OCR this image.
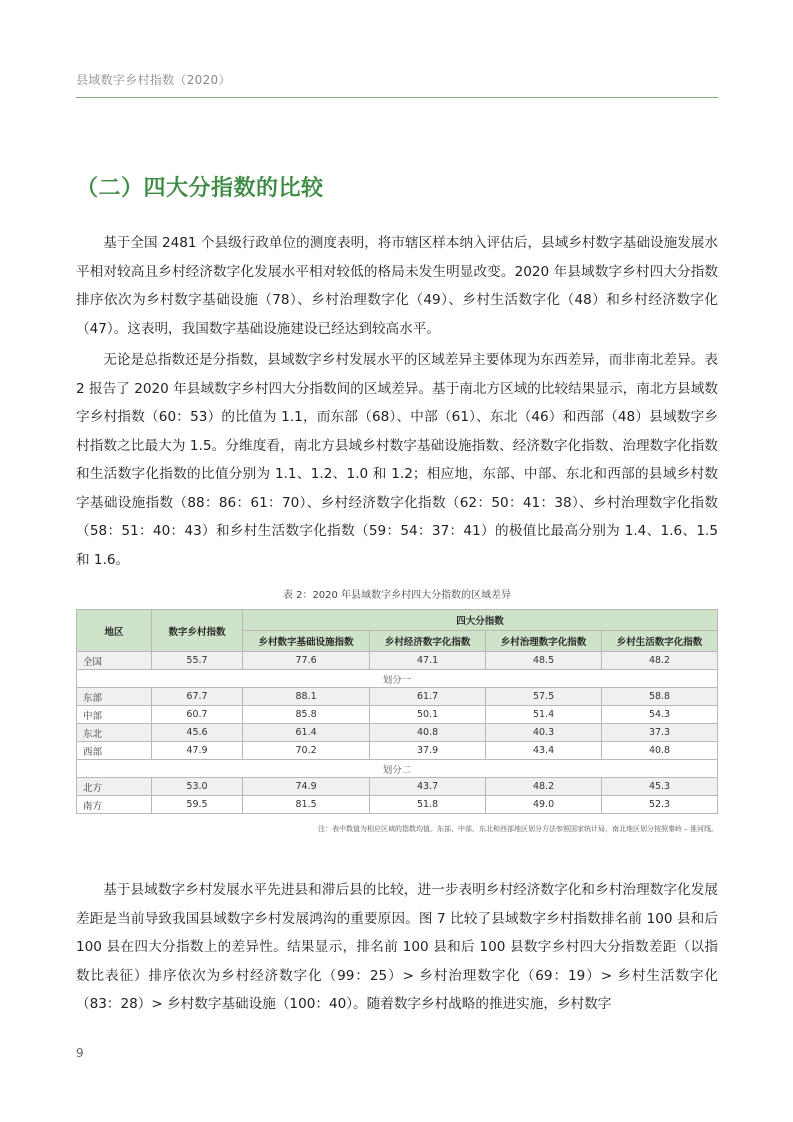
县域数字乡村指数（2020）
（二）四大分指数的比较
基于全国 2481 个县级行政单位的测度表明，将市辖区样本纳入评估后，县域乡村数字基础设施发展水平相对较高且乡村经济数字化发展水平相对较低的格局未发生明显改变。2020 年县域数字乡村四大分指数排序依次为乡村数字基础设施（78）、乡村治理数字化（49）、乡村生活数字化（48）和乡村经济数字化（47）。这表明，我国数字基础设施建设已经达到较高水平。
无论是总指数还是分指数，县域数字乡村发展水平的区域差异主要体现为东西差异，而非南北差异。表 2 报告了 2020 年县域数字乡村四大分指数间的区域差异。基于南北方区域的比较结果显示，南北方县域数字乡村指数（60：53）的比值为 1.1，而东部（68）、中部（61）、东北（46）和西部（48）县域数字乡村指数之比最大为 1.5。分维度看，南北方县域乡村数字基础设施指数、经济数字化指数、治理数字化指数和生活数字化指数的比值分别为 1.1、1.2、1.0 和 1.2；相应地，东部、中部、东北和西部的县域乡村数字基础设施指数（88：86：61：70）、乡村经济数字化指数（62：50：41：38）、乡村治理数字化指数（58：51：40：43）和乡村生活数字化指数（59：54：37：41）的极值比最高分别为 1.4、1.6、1.5 和 1.6。
表 2：2020 年县域数字乡村四大分指数的区域差异
地区	数字乡村指数	四大分指数			
		乡村数字基础设施指数	乡村经济数字化指数	乡村治理数字化指数	乡村生活数字化指数
全国	55.7	77.6	47.1	48.5	48.2
划分一					
东部	67.7	88.1	61.7	57.5	58.8
中部	60.7	85.8	50.1	51.4	54.3
东北	45.6	61.4	40.8	40.3	37.3
西部	47.9	70.2	37.9	43.4	40.8
划分二					
北方	53.0	74.9	43.7	48.2	45.3
南方	59.5	81.5	51.8	49.0	52.3
注：表中数值为相应区域的指数均值。东部、中部、东北和西部地区划分方法参照国家统计局，南北地区划分按照秦岭 – 淮河线。
基于县域数字乡村发展水平先进县和滞后县的比较，进一步表明乡村经济数字化和乡村治理数字化发展差距是当前导致我国县域数字乡村发展鸿沟的重要原因。图 7 比较了县域数字乡村指数排名前 100 县和后 100 县在四大分指数上的差异性。结果显示，排名前 100 县和后 100 县数字乡村四大分指数差距（以指数比表征）排序依次为乡村经济数字化（99：25）> 乡村治理数字化（69：19）> 乡村生活数字化（83：28）> 乡村数字基础设施（100：40）。随着数字乡村战略的推进实施，乡村数字
9
